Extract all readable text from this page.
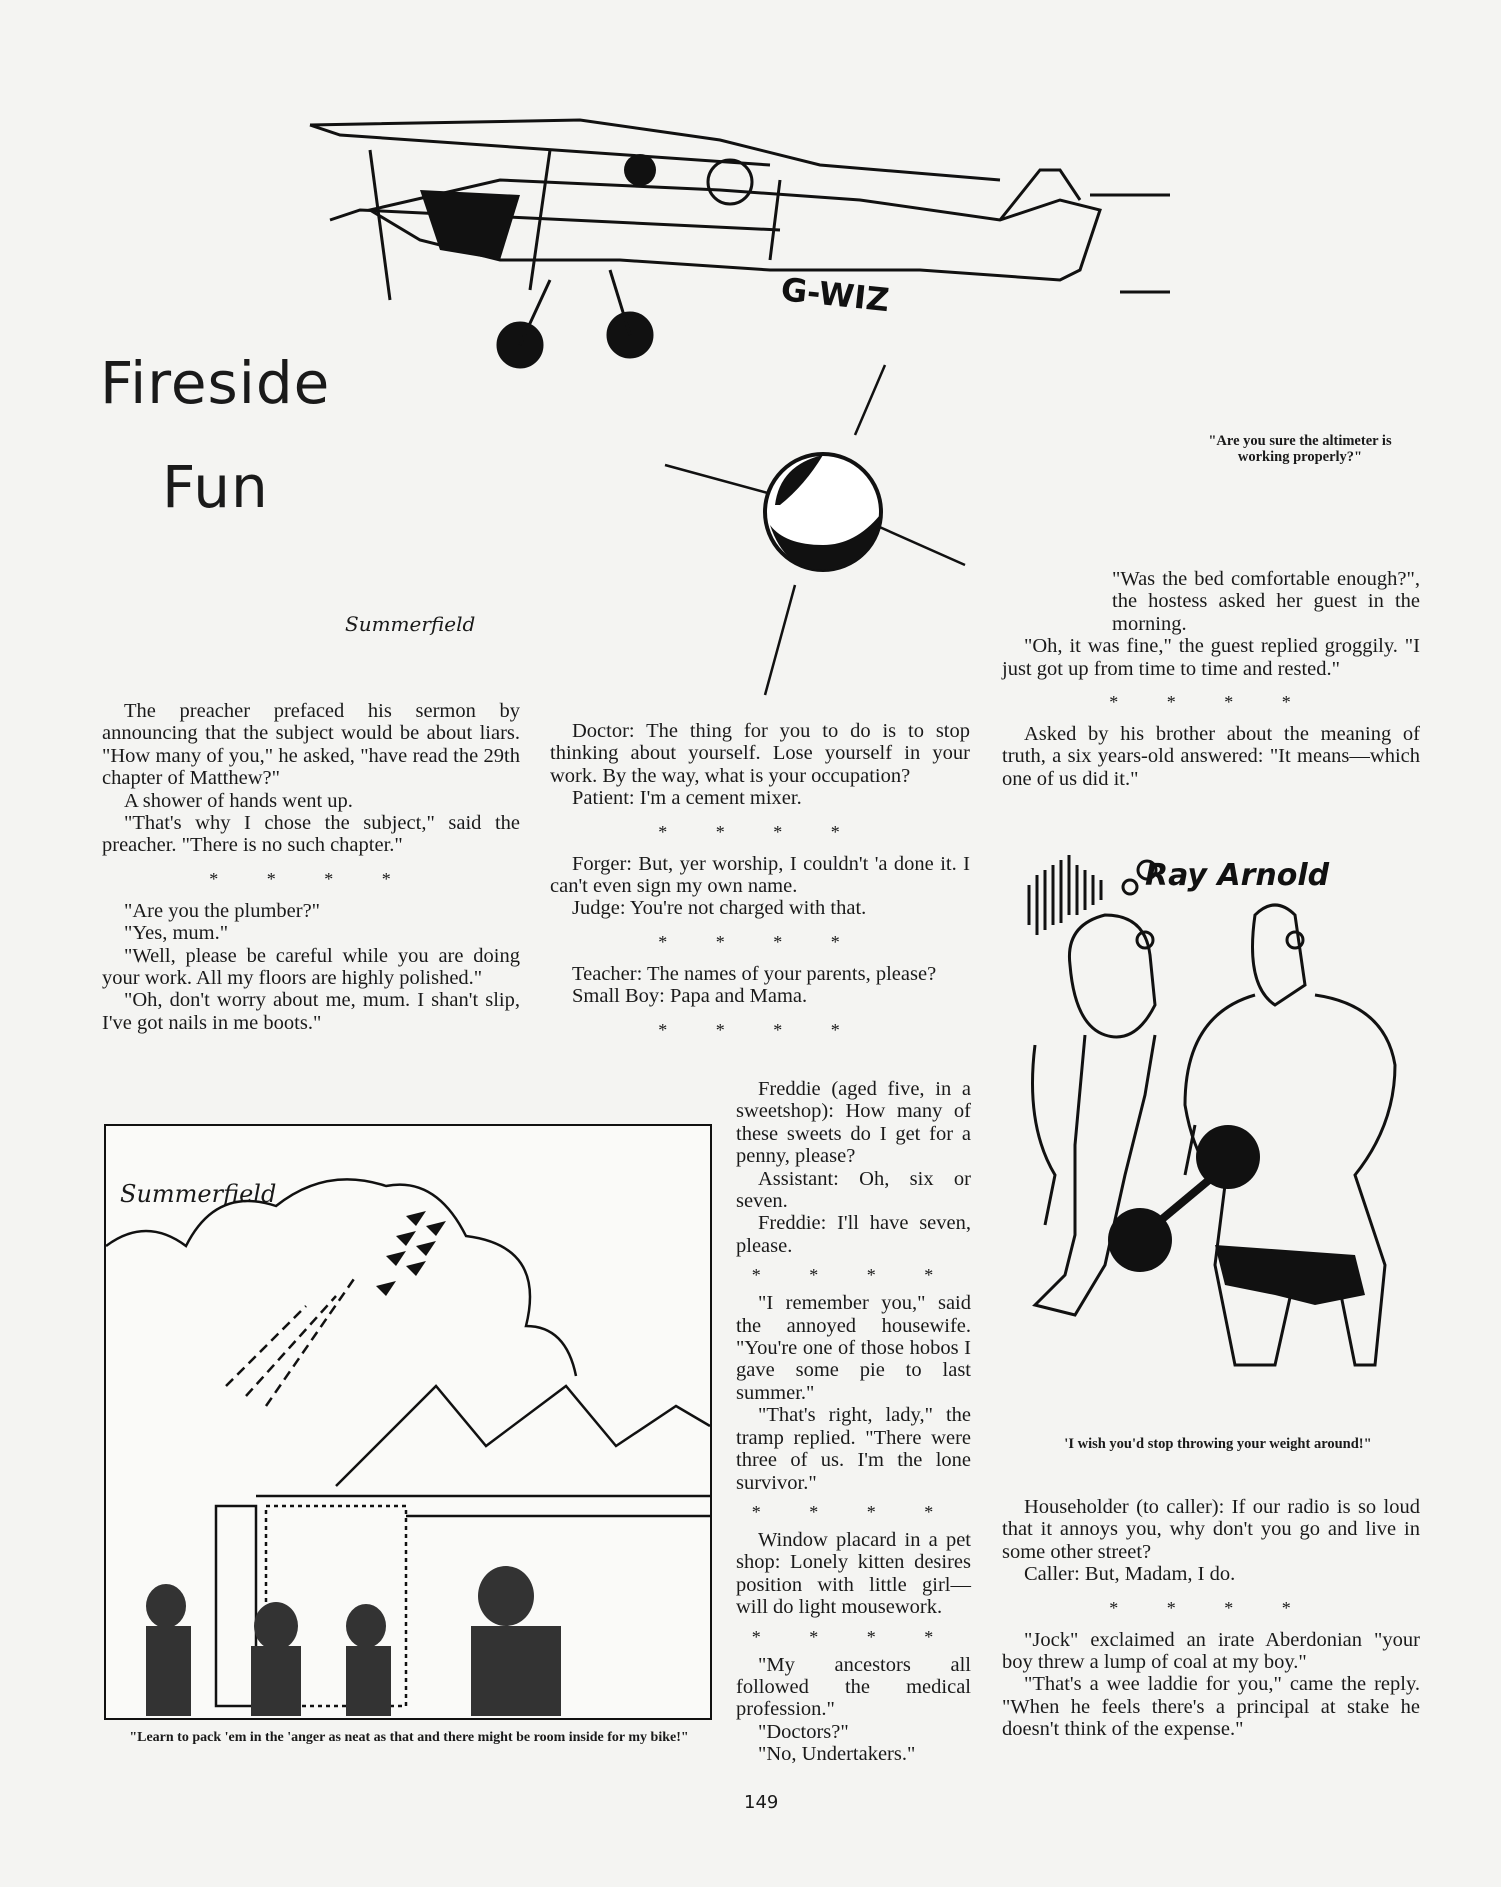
Fireside
Fun
Summerfield
G-WIZ
"Are you sure the altimeter is working properly?"

The preacher prefaced his sermon by announcing that the subject would be about liars. "How many of you," he asked, "have read the 29th chapter of Matthew?"

A shower of hands went up.

"That's why I chose the subject," said the preacher. "There is no such chapter."

* * * *

"Are you the plumber?"

"Yes, mum."

"Well, please be careful while you are doing your work. All my floors are highly polished."

"Oh, don't worry about me, mum. I shan't slip, I've got nails in me boots."

Doctor: The thing for you to do is to stop thinking about yourself. Lose yourself in your work. By the way, what is your occupation?

Patient: I'm a cement mixer.

* * * *

Forger: But, yer worship, I couldn't 'a done it. I can't even sign my own name.

Judge: You're not charged with that.

* * * *

Teacher: The names of your parents, please?

Small Boy: Papa and Mama.

* * * *

Freddie (aged five, in a sweetshop): How many of these sweets do I get for a penny, please?

Assistant: Oh, six or seven.

Freddie: I'll have seven, please.

* * * *

"I remember you," said the annoyed housewife. "You're one of those hobos I gave some pie to last summer."

"That's right, lady," the tramp replied. "There were three of us. I'm the lone survivor."

* * * *

Window placard in a pet shop: Lonely kitten desires position with little girl—will do light mousework.

* * * *

"My ancestors all followed the medical profession."

"Doctors?"

"No, Undertakers."

"Was the bed comfortable enough?", the hostess asked her guest in the morning.

"Oh, it was fine," the guest replied groggily. "I just got up from time to time and rested."

* * * *

Asked by his brother about the meaning of truth, a six years-old answered: "It means—which one of us did it."

Ray Arnold
'I wish you'd stop throwing your weight around!"

Householder (to caller): If our radio is so loud that it annoys you, why don't you go and live in some other street?

Caller: But, Madam, I do.

* * * *

"Jock" exclaimed an irate Aberdonian "your boy threw a lump of coal at my boy."

"That's a wee laddie for you," came the reply. "When he feels there's a principal at stake he doesn't think of the expense."

Summerfield
"Learn to pack 'em in the 'anger as neat as that and there might be room inside for my bike!"
149
